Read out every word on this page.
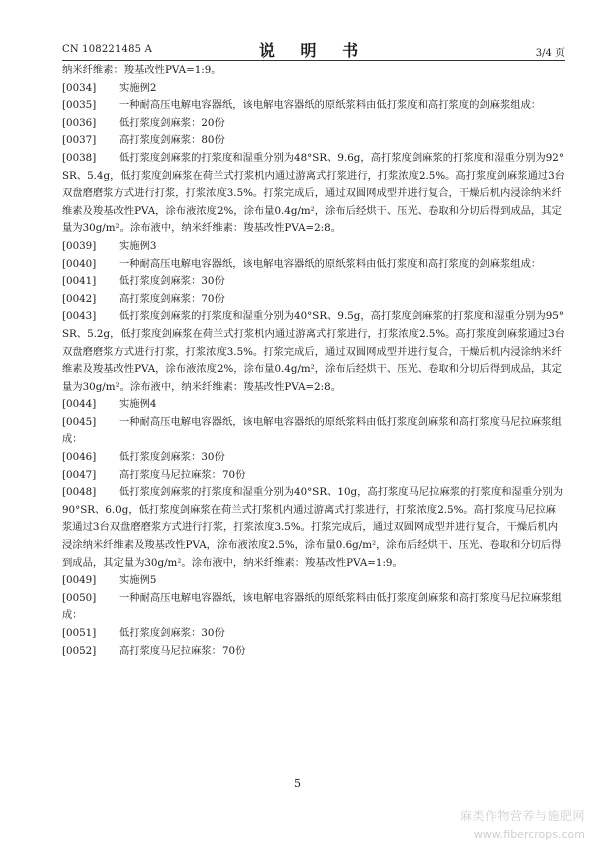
CN 108221485 A	说 明 书	3/4 页

纳米纤维素：羧基改性PVA=1:9。

[0034] 实施例2

[0035] 一种耐高压电解电容器纸，该电解电容器纸的原纸浆料由低打浆度和高打浆度的剑麻浆组成：

[0036] 低打浆度剑麻浆：20份

[0037] 高打浆度剑麻浆：80份

[0038] 低打浆度剑麻浆的打浆度和湿重分别为48°SR、9.6g，高打浆度剑麻浆的打浆度和湿重分别为92°SR、5.4g，低打浆度剑麻浆在荷兰式打浆机内通过游离式打浆进行，打浆浓度2.5%。高打浆度剑麻浆通过3台双盘磨磨浆方式进行打浆，打浆浓度3.5%。打浆完成后，通过双圆网成型并进行复合，干燥后机内浸涂纳米纤维素及羧基改性PVA，涂布液浓度2%，涂布量0.4g/m²，涂布后经烘干、压光、卷取和分切后得到成品，其定量为30g/m²。涂布液中，纳米纤维素：羧基改性PVA=2:8。

[0039] 实施例3

[0040] 一种耐高压电解电容器纸，该电解电容器纸的原纸浆料由低打浆度和高打浆度的剑麻浆组成：

[0041] 低打浆度剑麻浆：30份

[0042] 高打浆度剑麻浆：70份

[0043] 低打浆度剑麻浆的打浆度和湿重分别为40°SR、9.5g，高打浆度剑麻浆的打浆度和湿重分别为95°SR、5.2g，低打浆度剑麻浆在荷兰式打浆机内通过游离式打浆进行，打浆浓度2.5%。高打浆度剑麻浆通过3台双盘磨磨浆方式进行打浆，打浆浓度3.5%。打浆完成后，通过双圆网成型并进行复合，干燥后机内浸涂纳米纤维素及羧基改性PVA，涂布液浓度2%，涂布量0.4g/m²，涂布后经烘干、压光、卷取和分切后得到成品，其定量为30g/m²。涂布液中，纳米纤维素：羧基改性PVA=2:8。

[0044] 实施例4

[0045] 一种耐高压电解电容器纸，该电解电容器纸的原纸浆料由低打浆度剑麻浆和高打浆度马尼拉麻浆组成：

[0046] 低打浆度剑麻浆：30份

[0047] 高打浆度马尼拉麻浆：70份

[0048] 低打浆度剑麻浆的打浆度和湿重分别为40°SR、10g，高打浆度马尼拉麻浆的打浆度和湿重分别为90°SR、6.0g，低打浆度剑麻浆在荷兰式打浆机内通过游离式打浆进行，打浆浓度2.5%。高打浆度马尼拉麻浆通过3台双盘磨磨浆方式进行打浆，打浆浓度3.5%。打浆完成后，通过双圆网成型并进行复合，干燥后机内浸涂纳米纤维素及羧基改性PVA，涂布液浓度2.5%，涂布量0.6g/m²，涂布后经烘干、压光、卷取和分切后得到成品，其定量为30g/m²。涂布液中，纳米纤维素：羧基改性PVA=1:9。

[0049] 实施例5

[0050] 一种耐高压电解电容器纸，该电解电容器纸的原纸浆料由低打浆度剑麻浆和高打浆度马尼拉麻浆组成：

[0051] 低打浆度剑麻浆：30份

[0052] 高打浆度马尼拉麻浆：70份

5
麻类作物营养与施肥网
www.fibercrops.com
